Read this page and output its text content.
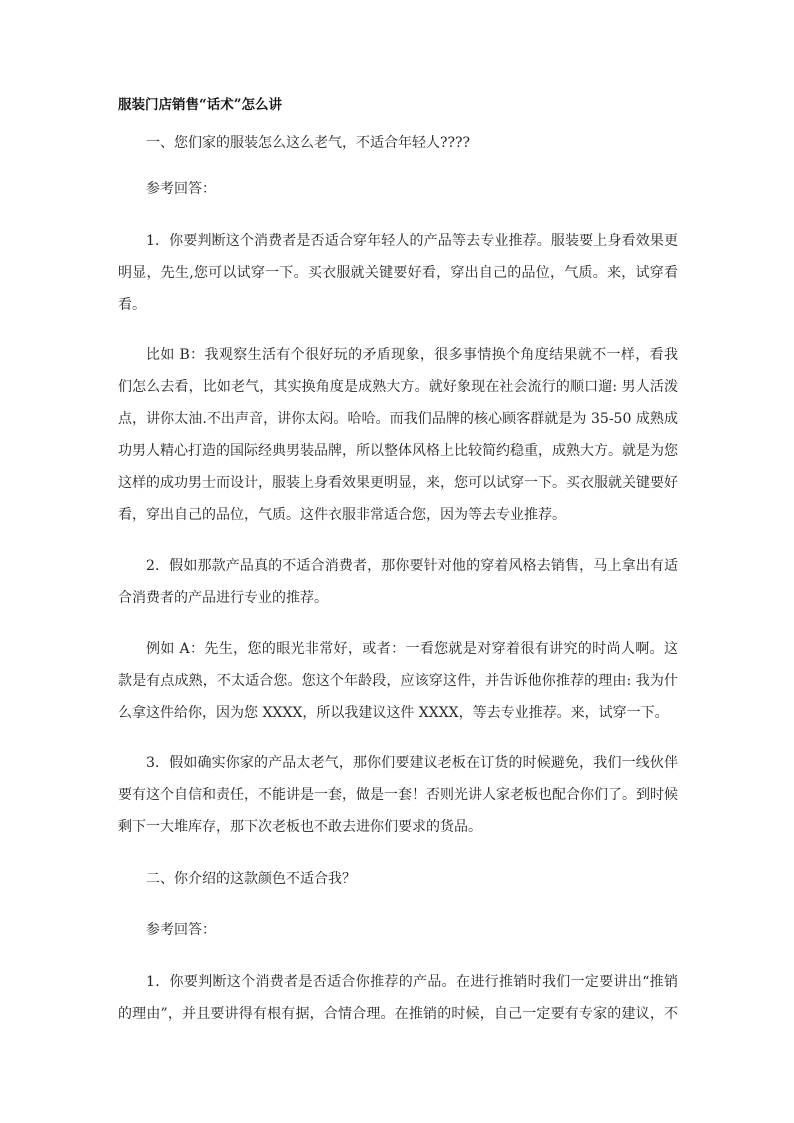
服装门店销售“话术”怎么讲
一、您们家的服装怎么这么老气，不适合年轻人????
参考回答：
1．你要判断这个消费者是否适合穿年轻人的产品等去专业推荐。服装要上身看效果更
明显，先生,您可以试穿一下。买衣服就关键要好看，穿出自己的品位，气质。来，试穿看
看。
比如 B：我观察生活有个很好玩的矛盾现象，很多事情换个角度结果就不一样，看我
们怎么去看，比如老气，其实换角度是成熟大方。就好象现在社会流行的顺口遛: 男人活泼
点，讲你太油.不出声音，讲你太闷。哈哈。而我们品牌的核心顾客群就是为 35-50 成熟成
功男人精心打造的国际经典男装品牌，所以整体风格上比较简约稳重，成熟大方。就是为您
这样的成功男士而设计，服装上身看效果更明显，来，您可以试穿一下。买衣服就关键要好
看，穿出自己的品位，气质。这件衣服非常适合您，因为等去专业推荐。
2．假如那款产品真的不适合消费者，那你要针对他的穿着风格去销售，马上拿出有适
合消费者的产品进行专业的推荐。
例如 A：先生，您的眼光非常好，或者：一看您就是对穿着很有讲究的时尚人啊。这
款是有点成熟，不太适合您。您这个年龄段，应该穿这件，并告诉他你推荐的理由: 我为什
么拿这件给你，因为您 XXXX，所以我建议这件 XXXX，等去专业推荐。来，试穿一下。
3．假如确实你家的产品太老气，那你们要建议老板在订货的时候避免，我们一线伙伴
要有这个自信和责任，不能讲是一套，做是一套！否则光讲人家老板也配合你们了。到时候
剩下一大堆库存，那下次老板也不敢去进你们要求的货品。
二、你介绍的这款颜色不适合我？
参考回答：
1．你要判断这个消费者是否适合你推荐的产品。在进行推销时我们一定要讲出“推销
的理由”，并且要讲得有根有据，合情合理。在推销的时候，自己一定要有专家的建议，不
